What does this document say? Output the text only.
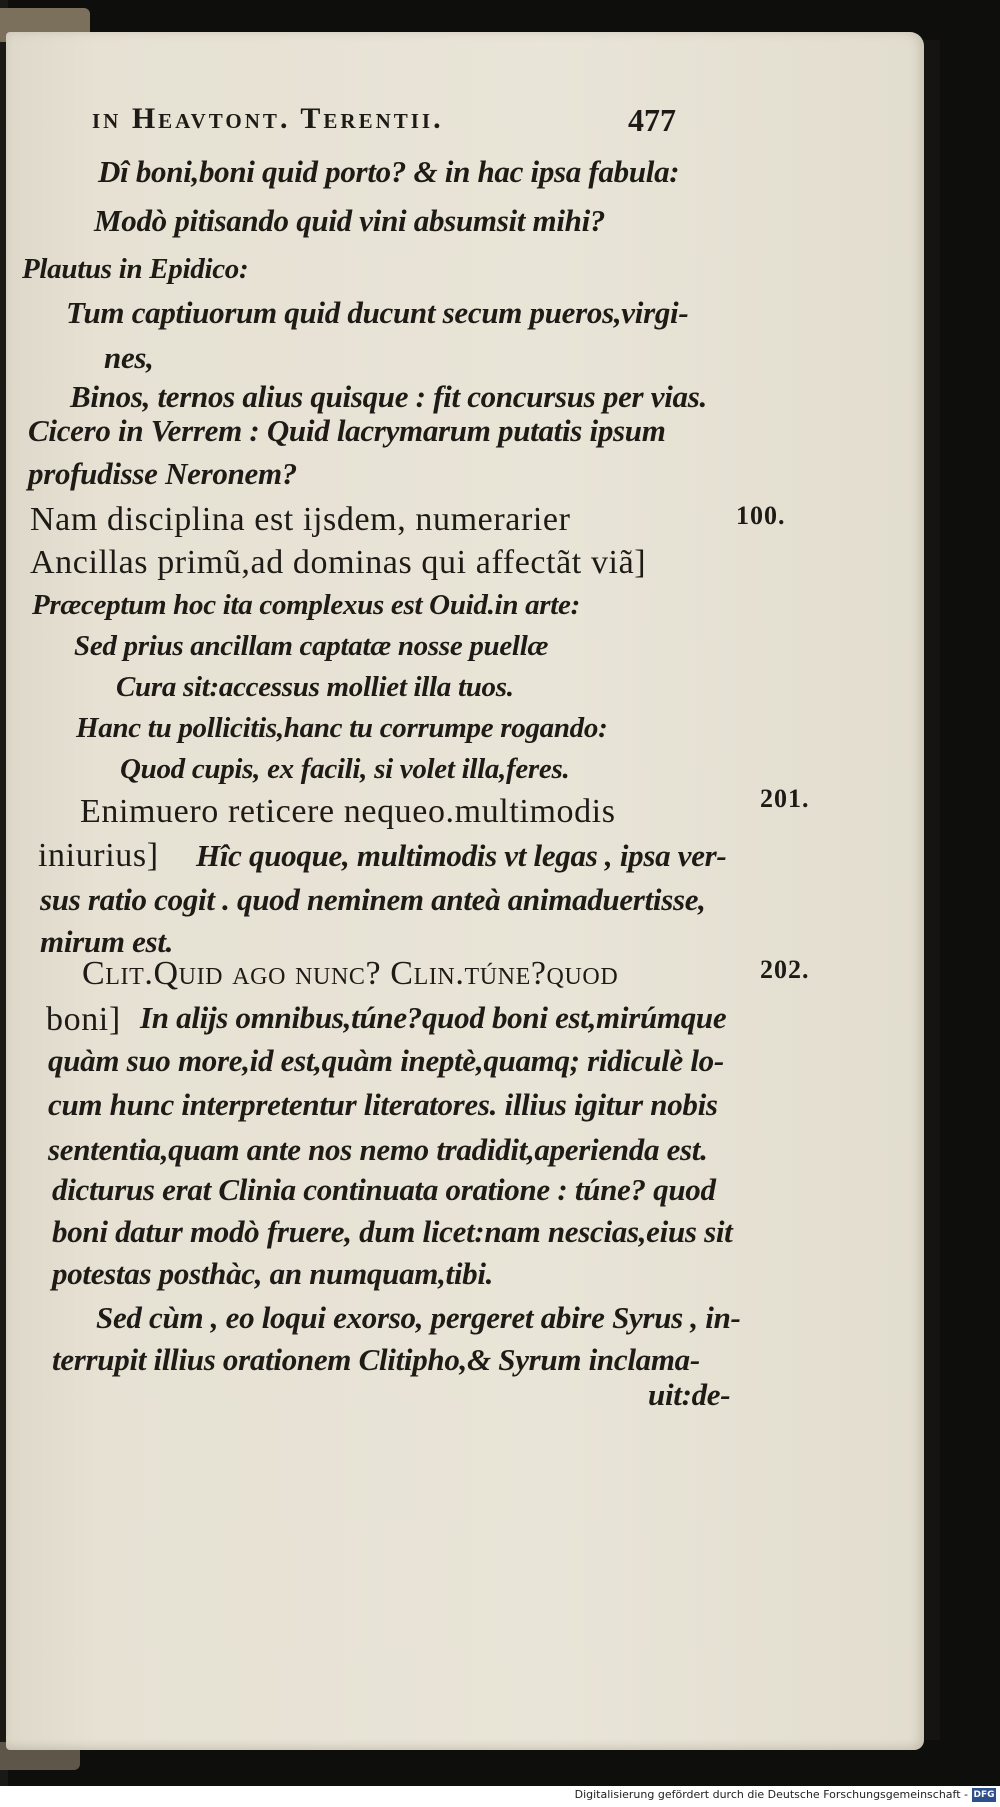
in Heavtont. Terentii.	477
Dî boni,boni quid porto? & in hac ipsa fabula:
Modò pitisando quid vini absumsit mihi?
Plautus in Epidico:
Tum captiuorum quid ducunt secum pueros,virgi-
nes,
Binos, ternos alius quisque : fit concursus per vias.
Cicero in Verrem : Quid lacrymarum putatis ipsum
profudisse Neronem?
Nam disciplina est ijsdem, numerarier
Ancillas primũ,ad dominas qui affectãt viã]
Præceptum hoc ita complexus est Ouid.in arte:
Sed prius ancillam captatæ nosse puellæ
Cura sit:accessus molliet illa tuos.
Hanc tu pollicitis,hanc tu corrumpe rogando:
Quod cupis, ex facili, si volet illa,feres.
Enimuero reticere nequeo.multimodis
iniurius] Hîc quoque, multimodis vt legas , ipsa ver-
sus ratio cogit . quod neminem anteà animaduertisse,
mirum est.
Clit.Quid ago nunc? Clin.túne?quod
boni] In alijs omnibus,túne?quod boni est,mirúmque
quàm suo more,id est,quàm ineptè,quamq; ridiculè lo-
cum hunc interpretentur literatores. illius igitur nobis
sententia,quam ante nos nemo tradidit,aperienda est.
dicturus erat Clinia continuata oratione : túne? quod
boni datur modò fruere, dum licet:nam nescias,eius sit
potestas posthàc, an numquam,tibi.
Sed cùm , eo loqui exorso, pergeret abire Syrus , in-
terrupit illius orationem Clitipho,& Syrum inclama-
uit:de-
100.
201.
202.
Digitalisierung gefördert durch die Deutsche Forschungsgemeinschaft - DFG
